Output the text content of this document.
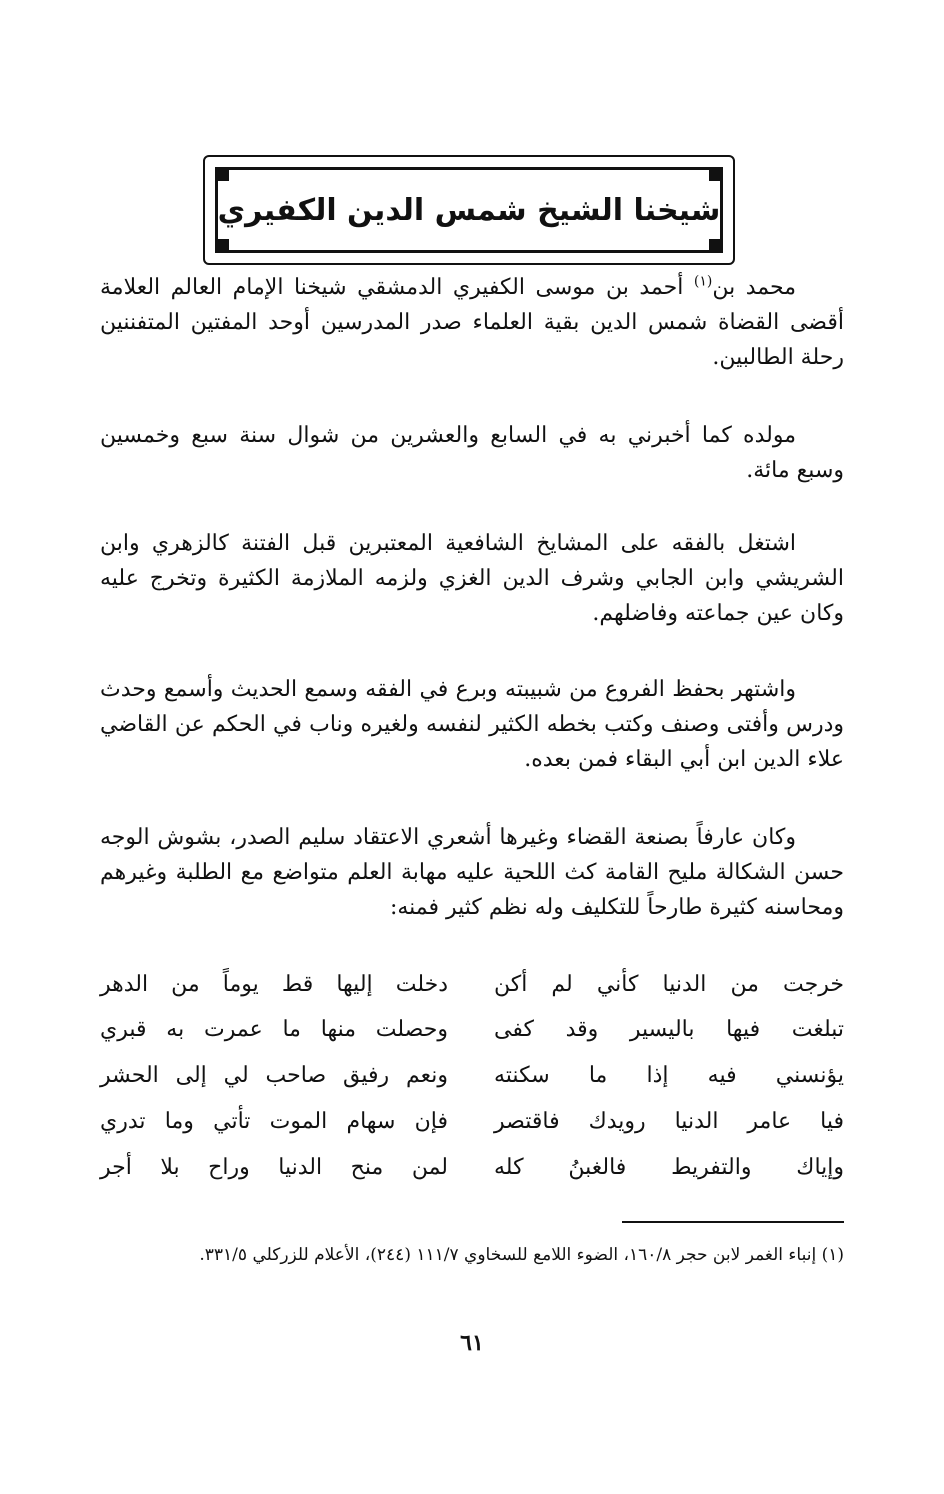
شيخنا الشيخ شمس الدين الكفيري

محمد بن$^{(١)}$ أحمد بن موسى الكفيري الدمشقي شيخنا الإمام العالم العلامة أقضى القضاة شمس الدين بقية العلماء صدر المدرسين أوحد المفتين المتفننين رحلة الطالبين.

مولده كما أخبرني به في السابع والعشرين من شوال سنة سبع وخمسين وسبع مائة.

اشتغل بالفقه على المشايخ الشافعية المعتبرين قبل الفتنة كالزهري وابن الشريشي وابن الجابي وشرف الدين الغزي ولزمه الملازمة الكثيرة وتخرج عليه وكان عين جماعته وفاضلهم.

واشتهر بحفظ الفروع من شبيبته وبرع في الفقه وسمع الحديث وأسمع وحدث ودرس وأفتى وصنف وكتب بخطه الكثير لنفسه ولغيره وناب في الحكم عن القاضي علاء الدين ابن أبي البقاء فمن بعده.

وكان عارفاً بصنعة القضاء وغيرها أشعري الاعتقاد سليم الصدر، بشوش الوجه حسن الشكالة مليح القامة كث اللحية عليه مهابة العلم متواضع مع الطلبة وغيرهم ومحاسنه كثيرة طارحاً للتكليف وله نظم كثير فمنه:

خرجت من الدنيا كأني لم أكن
دخلت إليها قط يوماً من الدهر
تبلغت فيها باليسير وقد كفى
وحصلت منها ما عمرت به قبري
يؤنسني فيه إذا ما سكنته
ونعم رفيق صاحب لي إلى الحشر
فيا عامر الدنيا رويدك فاقتصر
فإن سهام الموت تأتي وما تدري
وإياك والتفريط فالغبنُ كله
لمن منح الدنيا وراح بلا أجر

(١) إنباء الغمر لابن حجر ١٦٠/٨، الضوء اللامع للسخاوي ١١١/٧ (٢٤٤)، الأعلام للزركلي ٣٣١/٥.

٦١
